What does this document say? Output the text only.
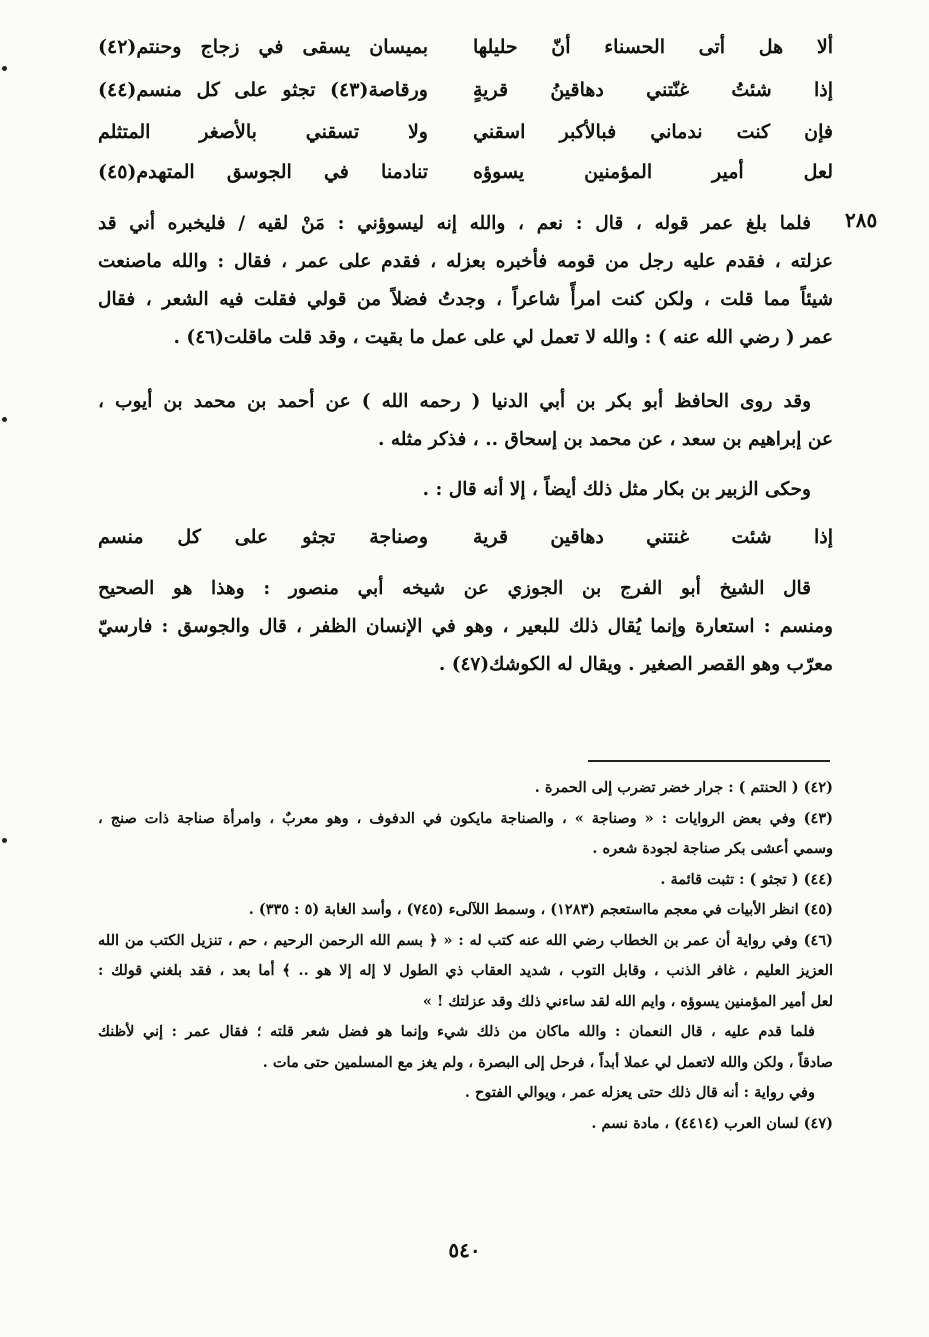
ألا هل أتى الحسناء أنّ حليلها
بميسان يسقى في زجاج وحنتم(٤٢)
إذا شئتُ غنّتني دهاقينُ قريةٍ
ورقاصة(٤٣) تجثو على كل منسم(٤٤)
فإن كنت ندماني فبالأكبر اسقني
ولا تسقني بالأصغر المتثلم
لعل أمير المؤمنين يسوؤه
تنادمنا في الجوسق المتهدم(٤٥)
٢٨٥
فلما بلغ عمر قوله ، قال : نعم ، والله إنه ليسوؤني : مَنْ لقيه / فليخبره أني قد
عزلته ، فقدم عليه رجل من قومه فأخبره بعزله ، فقدم على عمر ، فقال : والله ماصنعت
شيئاً مما قلت ، ولكن كنت امرأً شاعراً ، وجدتُ فضلاً من قولي فقلت فيه الشعر ، فقال
عمر ( رضي الله عنه ) : والله لا تعمل لي على عمل ما بقيت ، وقد قلت ماقلت(٤٦) .
وقد روى الحافظ أبو بكر بن أبي الدنيا ( رحمه الله ) عن أحمد بن محمد بن أيوب ،
عن إبراهيم بن سعد ، عن محمد بن إسحاق .. ، فذكر مثله .
وحكى الزبير بن بكار مثل ذلك أيضاً ، إلا أنه قال : .
إذا شئت غنتني دهاقين قرية
وصناجة تجثو على كل منسم
قال الشيخ أبو الفرج بن الجوزي عن شيخه أبي منصور : وهذا هو الصحيح
ومنسم : استعارة وإنما يُقال ذلك للبعير ، وهو في الإنسان الظفر ، قال والجوسق : فارسيّ
معرّب وهو القصر الصغير . ويقال له الكوشك(٤٧) .
(٤٢) ( الحنتم ) : جرار خضر تضرب إلى الحمرة .
(٤٣) وفي بعض الروايات : « وصناجة » ، والصناجة مايكون في الدفوف ، وهو معربٌ ، وامرأة صناجة ذات صنج ،
وسمي أعشى بكر صناجة لجودة شعره .
(٤٤) ( تجثو ) : تثبت قائمة .
(٤٥) انظر الأبيات في معجم مااستعجم (١٢٨٣) ، وسمط اللآلىء (٧٤٥) ، وأسد الغابة (٥ : ٣٣٥) .
(٤٦) وفي رواية أن عمر بن الخطاب رضي الله عنه كتب له : « ﴿ بسم الله الرحمن الرحيم ، حم ، تنزيل الكتب من الله
العزيز العليم ، غافر الذنب ، وقابل التوب ، شديد العقاب ذي الطول لا إله إلا هو .. ﴾ أما بعد ، فقد بلغني قولك :
لعل أمير المؤمنين يسوؤه ، وايم الله لقد ساءني ذلك وقد عزلتك ! »
فلما قدم عليه ، قال النعمان : والله ماكان من ذلك شيء وإنما هو فضل شعر قلته ؛ فقال عمر : إني لأظنك
صادقاً ، ولكن والله لاتعمل لي عملا أبداً ، فرحل إلى البصرة ، ولم يغز مع المسلمين حتى مات .
وفي رواية : أنه قال ذلك حتى يعزله عمر ، ويوالي الفتوح .
(٤٧) لسان العرب (٤٤١٤) ، مادة نسم .
٥٤٠
